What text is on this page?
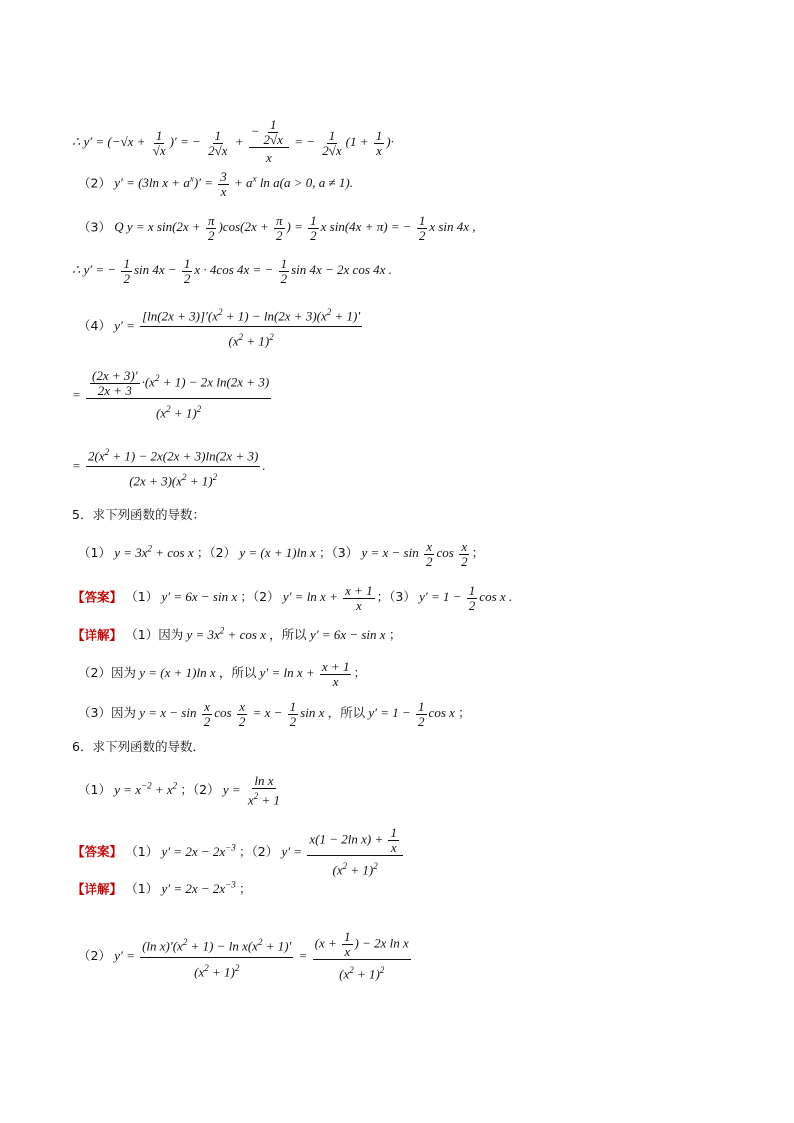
∴ $y' = (-√x + \frac{1}{√x}$ )′ = − $\frac{1}{2√x} + \frac{- \frac{1}{2√x}}{x}$ = − $\frac{1}{2√x} (1 + \frac{1}{x}$ )·
（2） y′ = (3ln $x + a^x)' = \frac{3}{x} + a^x$ ln a(a > 0, a ≠ 1).
（3） Q y = x $\sin(2x + \frac{\pi}{2} )\cos(2x + \frac{\pi}{2}$ ) = $\frac{1}{2}$ x sin(4x + π) = − $\frac{1}{2}$ x sin 4x ,
∴ y′ = − $\frac{1}{2}$ $\sin 4x - \frac{1}{2}$ x · 4cos 4x = − $\frac{1}{2}$ sin 4x − 2x cos 4x .
（4） $y' = \frac{[\ln(2x + 3)]'(x^2 + 1) - \ln(2x + 3)(x^2 + 1)'}{(x^2 + 1)^2}$
= $\frac{\frac{(2x + 3)'}{2x + 3} \cdot(x^2 + 1) - 2x \ln(2x + 3)}{(x^2 + 1)^2}$
= $\frac{2(x^2 + 1) - 2x(2x + 3)\ln(2x + 3)}{(2x + 3)(x^2 + 1)^2}$ .
5．求下列函数的导数：
（1） $y = 3x^2 + \cos x$ ；（2） y = (x + 1)ln x ；（3） $y = x - \sin \frac{x}{2}$ $\cos \frac{x}{2}$ ；
【答案】 （1） y′ = 6x − sin x ；（2） $y' = \ln x + \frac{x + 1}{x}$ ；（3） $y' = 1 - \frac{1}{2}$ cos x .
【详解】 （1）因为 $y = 3x^2 + \cos x$ ，所以 y′ = 6x − sin x ；
（2）因为 y = (x + 1)ln x ，所以 $y' = \ln x + \frac{x + 1}{x}$ ；
（3）因为 $y = x - \sin \frac{x}{2}$ $\cos \frac{x}{2} = x - \frac{1}{2}$ sin x ，所以 $y' = 1 - \frac{1}{2}$ cos x ；
6．求下列函数的导数．
（1） $y = x^{-2} + x^2$ ；（2） $y = \frac{\text{ln x}}{x^2 + 1}$
【答案】 （1） $y' = 2x - 2x^{-3}$ ；（2） $y' = \frac{x(1 - 2\ln x) + \frac{1}{x}}{(x^2 + 1)^2}$
【详解】 （1） $y' = 2x - 2x^{-3}$ ；
（2） $y' = \frac{(\ln x)'(x^2 + 1) - \ln x(x^2 + 1)'}{(x^2 + 1)^2} = \frac{(x + \frac{1}{x} ) - 2x \ln x}{(x^2 + 1)^2}$
